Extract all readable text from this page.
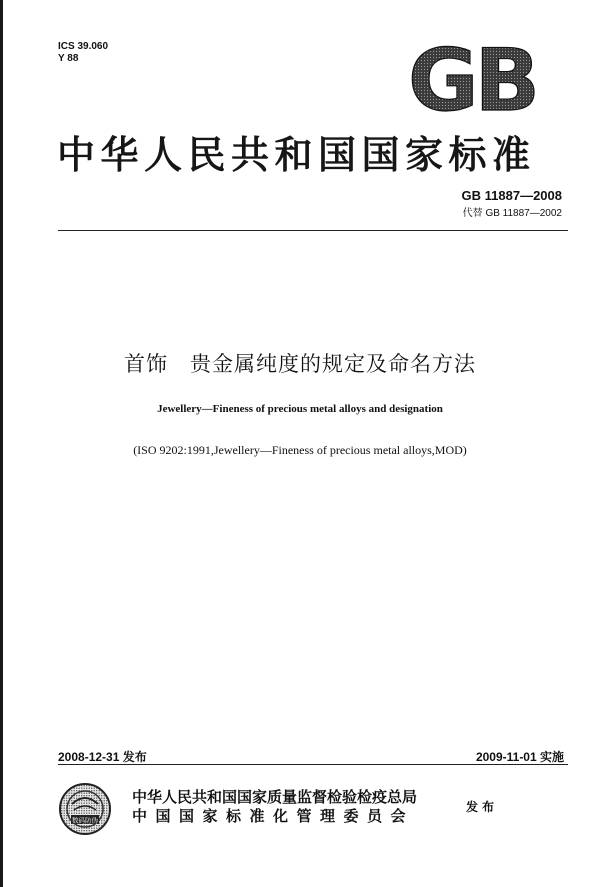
ICS 39.060
Y 88	GB
中华人民共和国国家标准
GB 11887—2008
代替 GB 11887—2002
首饰　贵金属纯度的规定及命名方法
Jewellery—Fineness of precious metal alloys and designation
(ISO 9202:1991,Jewellery—Fineness of precious metal alloys,MOD)
2008-12-31 发布	2009-11-01 实施
数码防伪
中华人民共和国国家质量监督检验检疫总局
中国国家标准化管理委员会	发布
